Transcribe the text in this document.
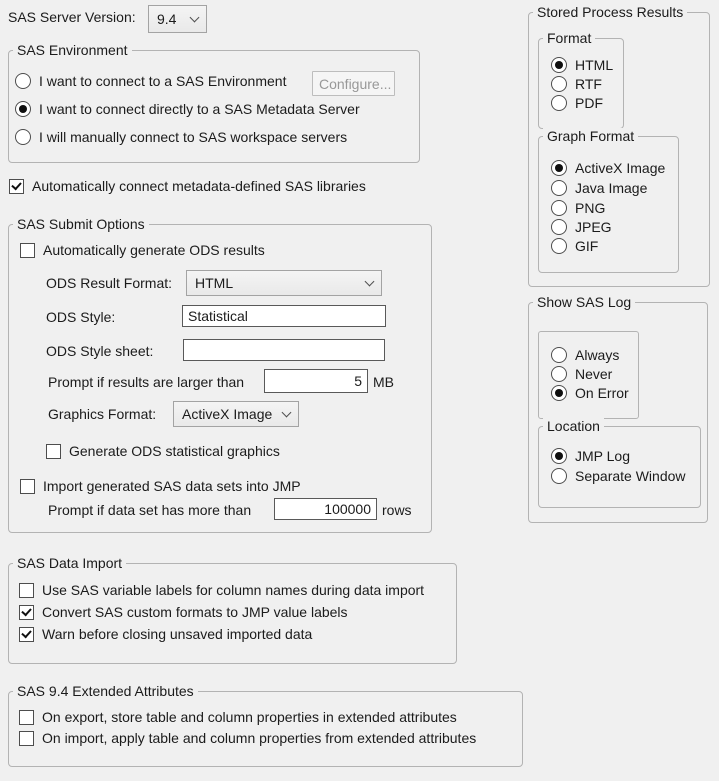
SAS Server Version: 9.4
SAS Environment
I want to connect to a SAS Environment	Configure...
I want to connect directly to a SAS Metadata Server
I will manually connect to SAS workspace servers
Automatically connect metadata-defined SAS libraries
SAS Submit Options
Automatically generate ODS results
ODS Result Format: HTML
ODS Style:
Statistical
ODS Style sheet:
Prompt if results are larger than
5	MB
Graphics Format: ActiveX Image
Generate ODS statistical graphics
Import generated SAS data sets into JMP
Prompt if data set has more than
100000	rows
SAS Data Import
Use SAS variable labels for column names during data import
Convert SAS custom formats to JMP value labels
Warn before closing unsaved imported data
SAS 9.4 Extended Attributes
On export, store table and column properties in extended attributes
On import, apply table and column properties from extended attributes
Stored Process Results
Format
HTML
RTF
PDF
Graph Format
ActiveX Image
Java Image
PNG
JPEG
GIF
Show SAS Log
Always
Never
On Error
Location
JMP Log
Separate Window
